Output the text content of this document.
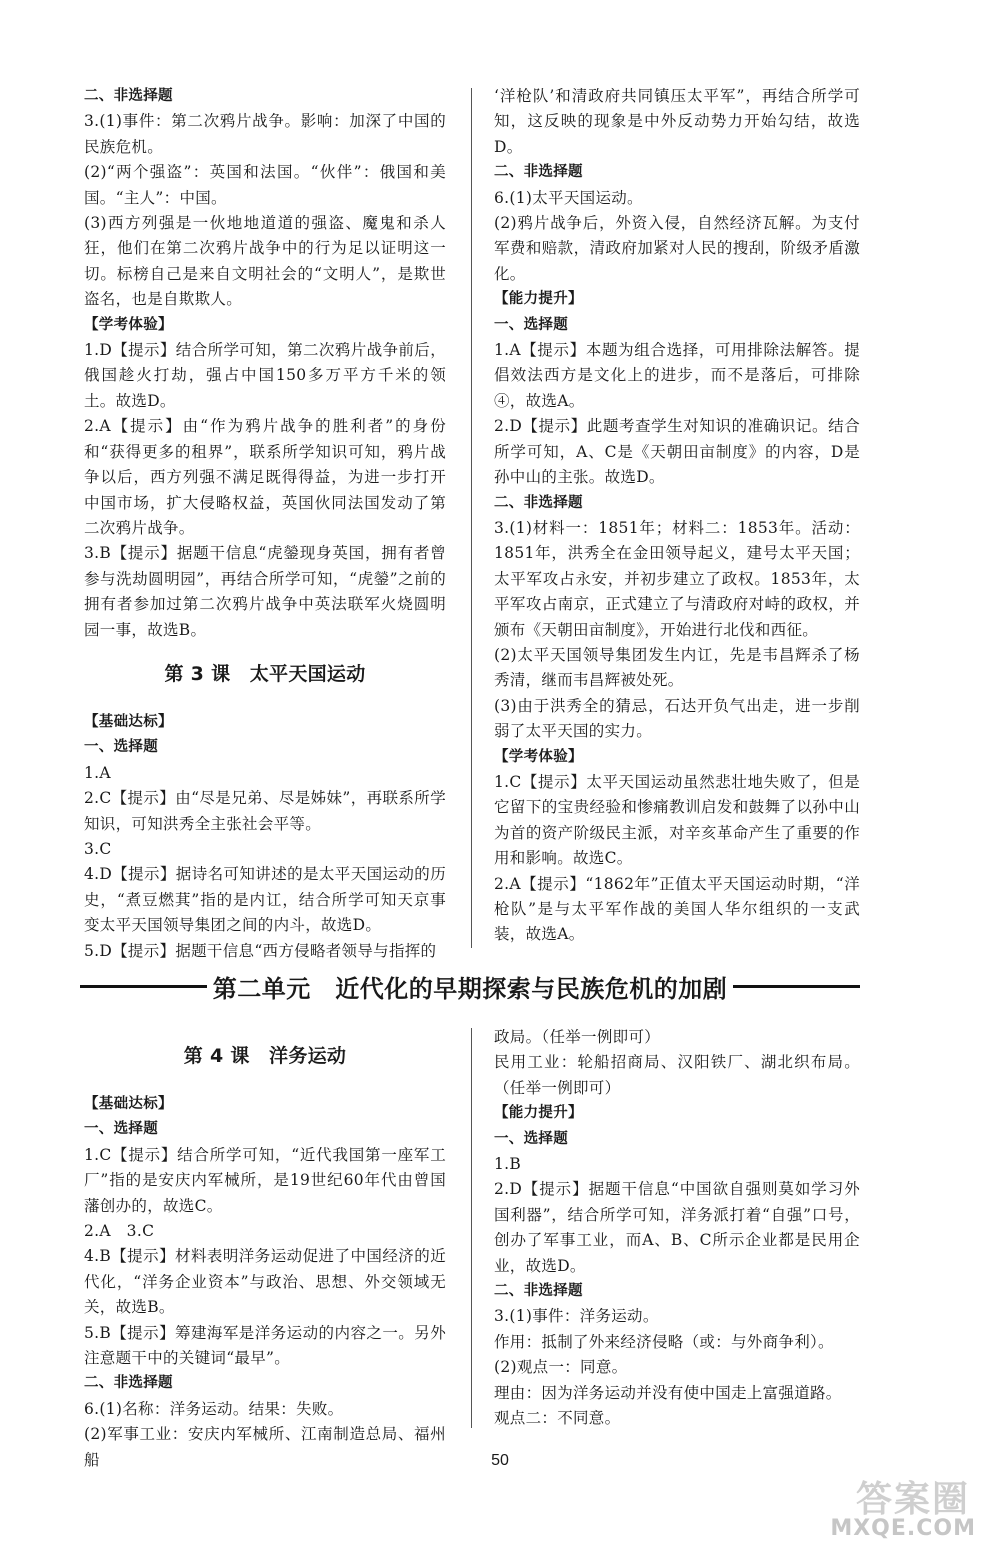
二、非选择题

3.(1)事件：第二次鸦片战争。影响：加深了中国的民族危机。

(2)“两个强盗”：英国和法国。“伙伴”：俄国和美国。“主人”：中国。

(3)西方列强是一伙地地道道的强盗、魔鬼和杀人狂，他们在第二次鸦片战争中的行为足以证明这一切。标榜自己是来自文明社会的“文明人”，是欺世盗名，也是自欺欺人。

【学考体验】

1.D【提示】结合所学可知，第二次鸦片战争前后，俄国趁火打劫，强占中国150多万平方千米的领土。故选D。

2.A【提示】由“作为鸦片战争的胜利者”的身份和“获得更多的租界”，联系所学知识可知，鸦片战争以后，西方列强不满足既得得益，为进一步打开中国市场，扩大侵略权益，英国伙同法国发动了第二次鸦片战争。

3.B【提示】据题干信息“虎鎣现身英国，拥有者曾参与洗劫圆明园”，再结合所学可知，“虎鎣”之前的拥有者参加过第二次鸦片战争中英法联军火烧圆明园一事，故选B。

第 3 课　太平天国运动

【基础达标】

一、选择题

1.A

2.C【提示】由“尽是兄弟、尽是姊妹”，再联系所学知识，可知洪秀全主张社会平等。

3.C

4.D【提示】据诗名可知讲述的是太平天国运动的历史，“煮豆燃萁”指的是内讧，结合所学可知天京事变太平天国领导集团之间的内斗，故选D。

5.D【提示】据题干信息“西方侵略者领导与指挥的

‘洋枪队’和清政府共同镇压太平军”，再结合所学可知，这反映的现象是中外反动势力开始勾结，故选D。

二、非选择题

6.(1)太平天国运动。

(2)鸦片战争后，外资入侵，自然经济瓦解。为支付军费和赔款，清政府加紧对人民的搜刮，阶级矛盾激化。

【能力提升】

一、选择题

1.A【提示】本题为组合选择，可用排除法解答。提倡效法西方是文化上的进步，而不是落后，可排除④，故选A。

2.D【提示】此题考查学生对知识的准确识记。结合所学可知，A、C是《天朝田亩制度》的内容，D是孙中山的主张。故选D。

二、非选择题

3.(1)材料一：1851年；材料二：1853年。活动：1851年，洪秀全在金田领导起义，建号太平天国；太平军攻占永安，并初步建立了政权。1853年，太平军攻占南京，正式建立了与清政府对峙的政权，并颁布《天朝田亩制度》，开始进行北伐和西征。

(2)太平天国领导集团发生内讧，先是韦昌辉杀了杨秀清，继而韦昌辉被处死。

(3)由于洪秀全的猜忌，石达开负气出走，进一步削弱了太平天国的实力。

【学考体验】

1.C【提示】太平天国运动虽然悲壮地失败了，但是它留下的宝贵经验和惨痛教训启发和鼓舞了以孙中山为首的资产阶级民主派，对辛亥革命产生了重要的作用和影响。故选C。

2.A【提示】“1862年”正值太平天国运动时期，“洋枪队”是与太平军作战的美国人华尔组织的一支武装，故选A。

第二单元　近代化的早期探索与民族危机的加剧

第 4 课　洋务运动

【基础达标】

一、选择题

1.C【提示】结合所学可知，“近代我国第一座军工厂”指的是安庆内军械所，是19世纪60年代由曾国藩创办的，故选C。

2.A　3.C

4.B【提示】材料表明洋务运动促进了中国经济的近代化，“洋务企业资本”与政治、思想、外交领域无关，故选B。

5.B【提示】筹建海军是洋务运动的内容之一。另外注意题干中的关键词“最早”。

二、非选择题

6.(1)名称：洋务运动。结果：失败。

(2)军事工业：安庆内军械所、江南制造总局、福州船

政局。（任举一例即可）

民用工业：轮船招商局、汉阳铁厂、湖北织布局。（任举一例即可）

【能力提升】

一、选择题

1.B

2.D【提示】据题干信息“中国欲自强则莫如学习外国利器”，结合所学可知，洋务派打着“自强”口号，创办了军事工业，而A、B、C所示企业都是民用企业，故选D。

二、非选择题

3.(1)事件：洋务运动。

作用：抵制了外来经济侵略（或：与外商争利）。

(2)观点一：同意。

理由：因为洋务运动并没有使中国走上富强道路。

观点二：不同意。

50
答案圈
MXQE.COM
